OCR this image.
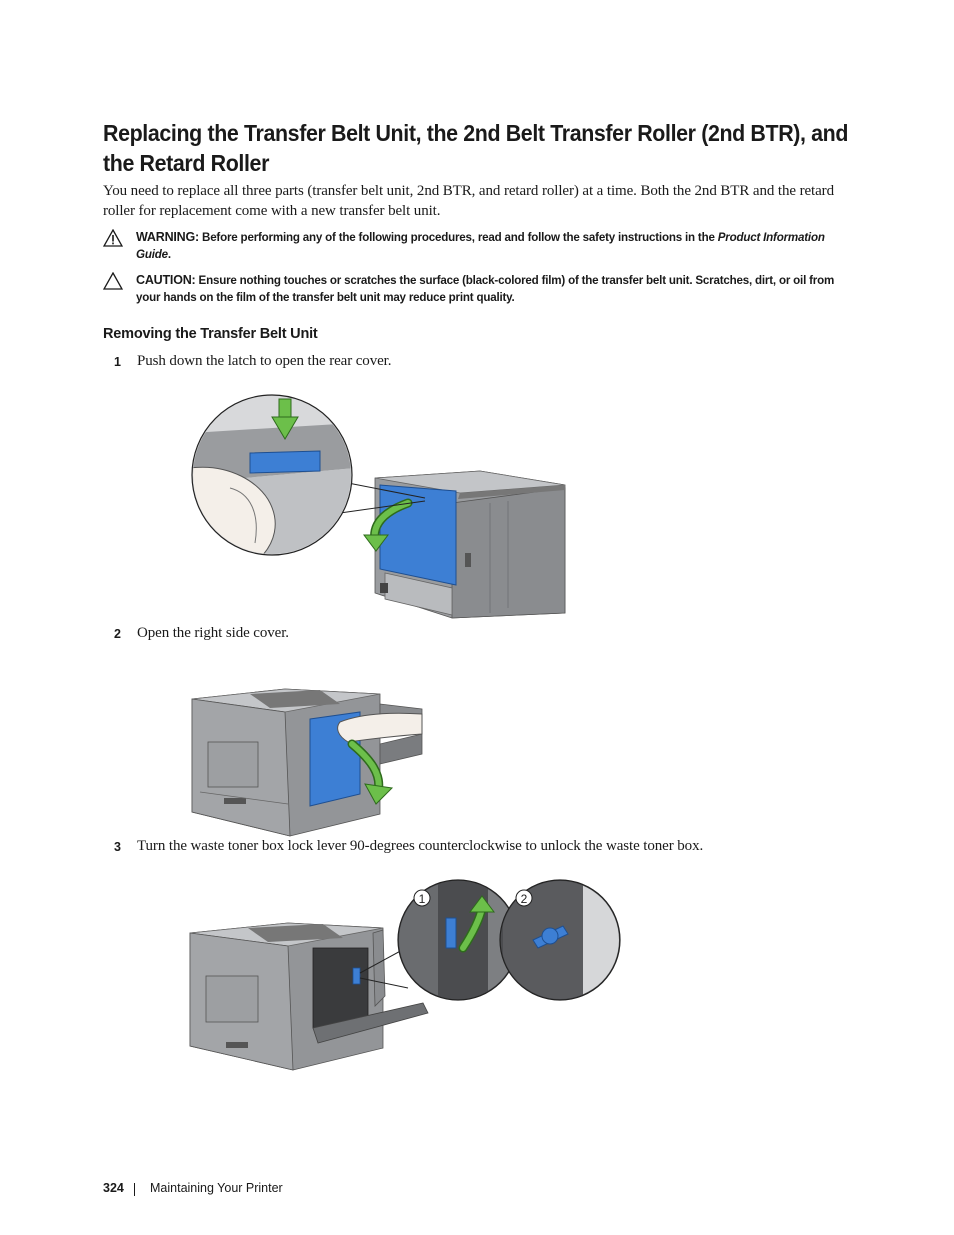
Replacing the Transfer Belt Unit, the 2nd Belt Transfer Roller (2nd BTR), and the Retard Roller
You need to replace all three parts (transfer belt unit, 2nd BTR, and retard roller) at a time. Both the 2nd BTR and the retard roller for replacement come with a new transfer belt unit.
WARNING: Before performing any of the following procedures, read and follow the safety instructions in the Product Information Guide.
CAUTION: Ensure nothing touches or scratches the surface (black-colored film) of the transfer belt unit. Scratches, dirt, or oil from your hands on the film of the transfer belt unit may reduce print quality.
Removing the Transfer Belt Unit
1 Push down the latch to open the rear cover.
2 Open the right side cover.
3 Turn the waste toner box lock lever 90-degrees counterclockwise to unlock the waste toner box.
1	2
324 Maintaining Your Printer
